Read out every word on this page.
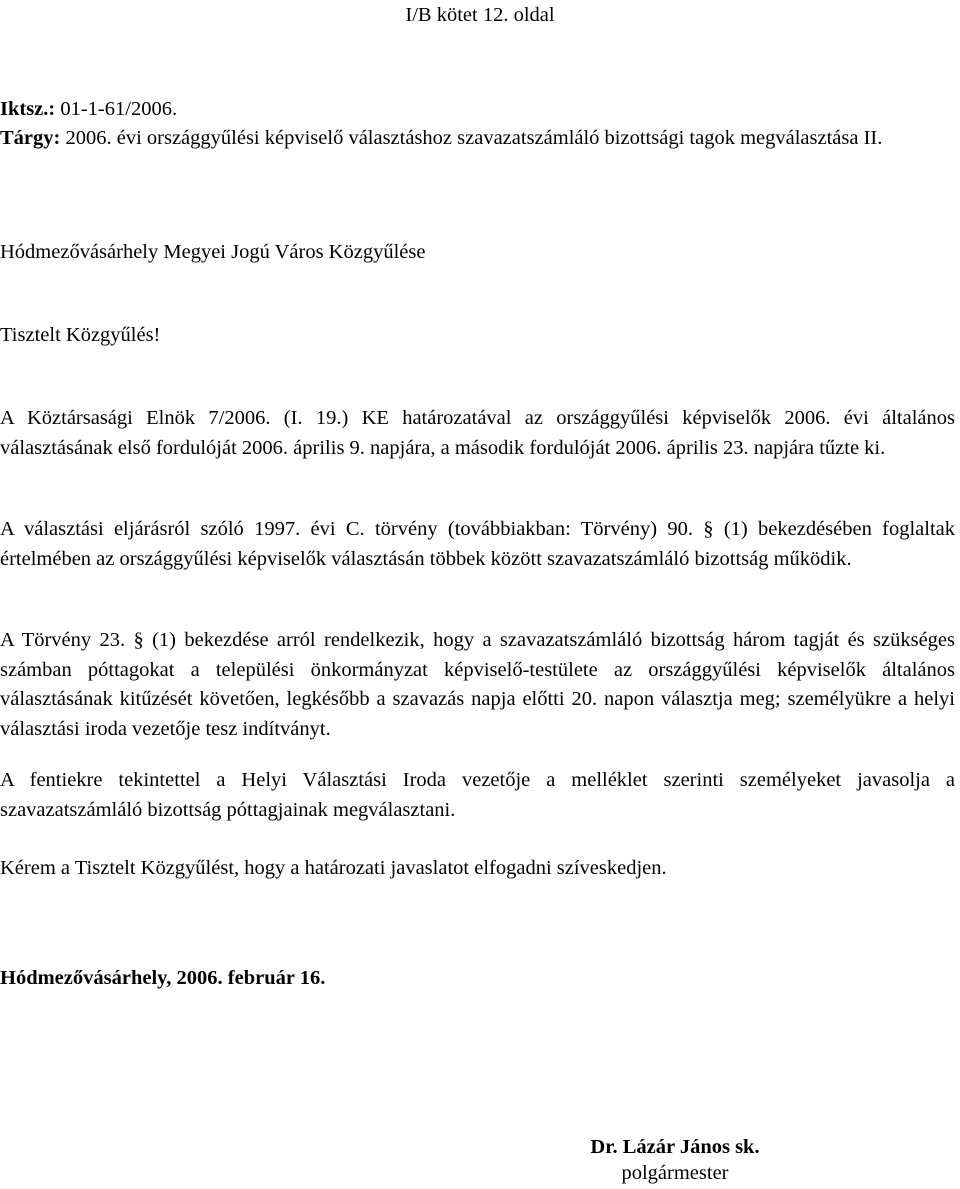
I/B kötet 12. oldal
Iktsz.: 01-1-61/2006.
Tárgy: 2006. évi országgyűlési képviselő választáshoz szavazatszámláló bizottsági tagok megválasztása II.
Hódmezővásárhely Megyei Jogú Város Közgyűlése
Tisztelt Közgyűlés!
A Köztársasági Elnök 7/2006. (I. 19.) KE határozatával az országgyűlési képviselők 2006. évi általános választásának első fordulóját 2006. április 9. napjára, a második fordulóját 2006. április 23. napjára tűzte ki.
A választási eljárásról szóló 1997. évi C. törvény (továbbiakban: Törvény) 90. § (1) bekezdésében foglaltak értelmében az országgyűlési képviselők választásán többek között szavazatszámláló bizottság működik.
A Törvény 23. § (1) bekezdése arról rendelkezik, hogy a szavazatszámláló bizottság három tagját és szükséges számban póttagokat a települési önkormányzat képviselő-testülete az országgyűlési képviselők általános választásának kitűzését követően, legkésőbb a szavazás napja előtti 20. napon választja meg; személyükre a helyi választási iroda vezetője tesz indítványt.
A fentiekre tekintettel a Helyi Választási Iroda vezetője a melléklet szerinti személyeket javasolja a szavazatszámláló bizottság póttagjainak megválasztani.
Kérem a Tisztelt Közgyűlést, hogy a határozati javaslatot elfogadni szíveskedjen.
Hódmezővásárhely, 2006. február 16.
Dr. Lázár János sk.
polgármester
